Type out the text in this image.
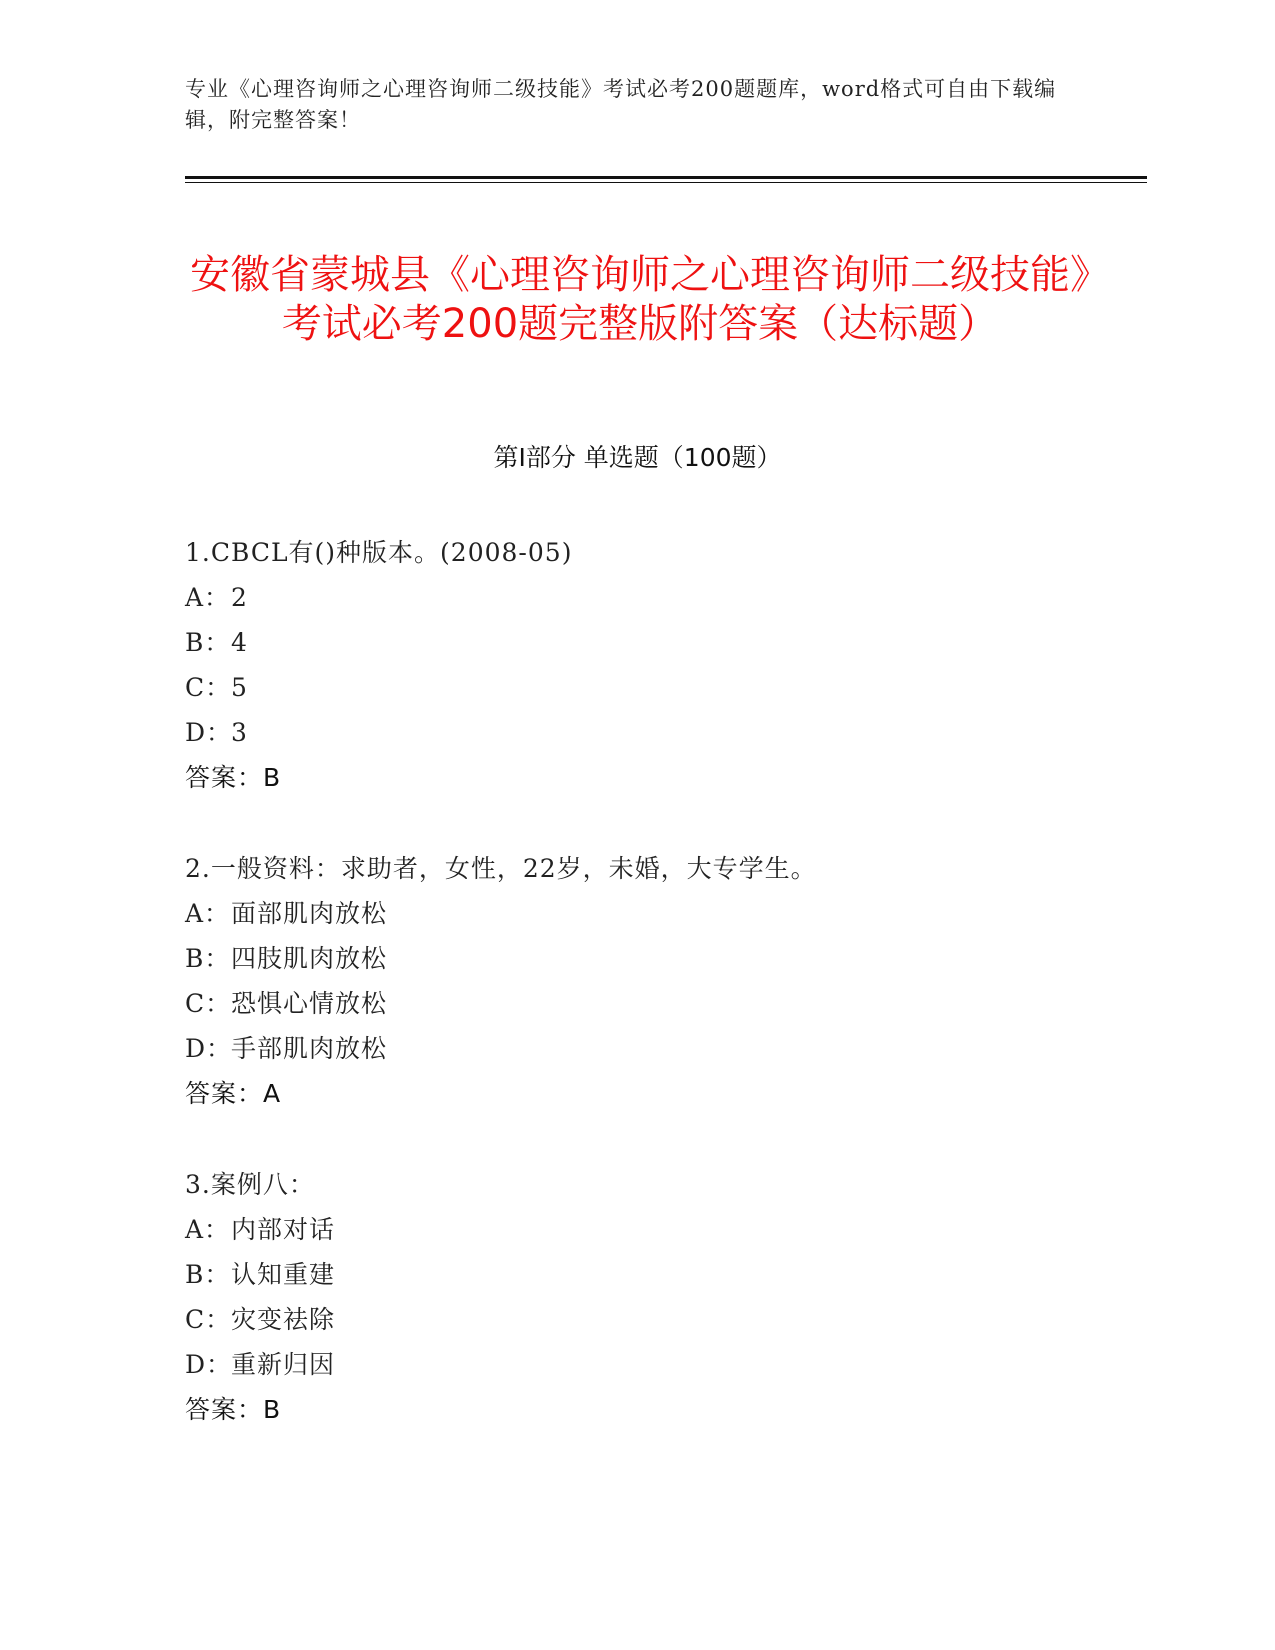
专业《心理咨询师之心理咨询师二级技能》考试必考200题题库，word格式可自由下载编辑，附完整答案！
安徽省蒙城县《心理咨询师之心理咨询师二级技能》考试必考200题完整版附答案（达标题）
第Ⅰ部分 单选题（100题）
1.CBCL有()种版本。(2008-05)
A：2
B：4
C：5
D：3
答案：B
2.一般资料：求助者，女性，22岁，未婚，大专学生。
A：面部肌肉放松
B：四肢肌肉放松
C：恐惧心情放松
D：手部肌肉放松
答案：A
3.案例八：
A：内部对话
B：认知重建
C：灾变祛除
D：重新归因
答案：B
